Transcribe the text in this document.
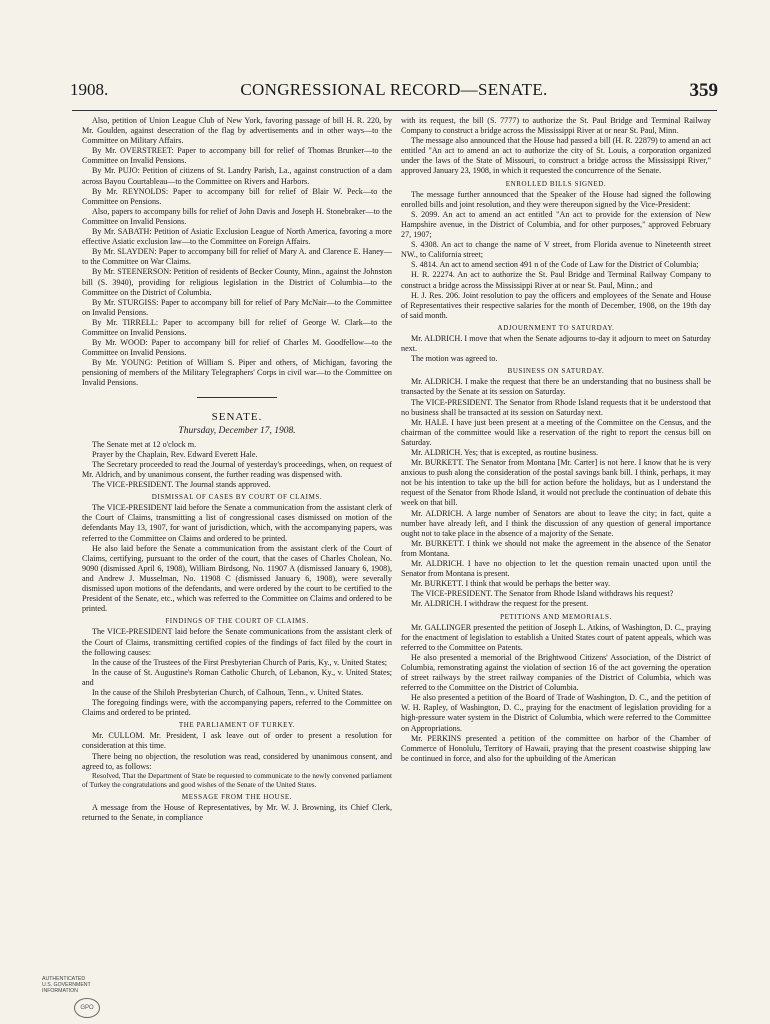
1908.	CONGRESSIONAL RECORD—SENATE.	359

Also, petition of Union League Club of New York, favoring passage of bill H. R. 220, by Mr. Goulden, against desecration of the flag by advertisements and in other ways—to the Committee on Military Affairs.

By Mr. OVERSTREET: Paper to accompany bill for relief of Thomas Brunker—to the Committee on Invalid Pensions.

By Mr. PUJO: Petition of citizens of St. Landry Parish, La., against construction of a dam across Bayou Courtableau—to the Committee on Rivers and Harbors.

By Mr. REYNOLDS: Paper to accompany bill for relief of Blair W. Peck—to the Committee on Pensions.

Also, papers to accompany bills for relief of John Davis and Joseph H. Stonebraker—to the Committee on Invalid Pensions.

By Mr. SABATH: Petition of Asiatic Exclusion League of North America, favoring a more effective Asiatic exclusion law—to the Committee on Foreign Affairs.

By Mr. SLAYDEN: Paper to accompany bill for relief of Mary A. and Clarence E. Haney—to the Committee on War Claims.

By Mr. STEENERSON: Petition of residents of Becker County, Minn., against the Johnston bill (S. 3940), providing for religious legislation in the District of Columbia—to the Committee on the District of Columbia.

By Mr. STURGISS: Paper to accompany bill for relief of Pary McNair—to the Committee on Invalid Pensions.

By Mr. TIRRELL: Paper to accompany bill for relief of George W. Clark—to the Committee on Invalid Pensions.

By Mr. WOOD: Paper to accompany bill for relief of Charles M. Goodfellow—to the Committee on Invalid Pensions.

By Mr. YOUNG: Petition of William S. Piper and others, of Michigan, favoring the pensioning of members of the Military Telegraphers' Corps in civil war—to the Committee on Invalid Pensions.

SENATE.

Thursday, December 17, 1908.

The Senate met at 12 o'clock m.

Prayer by the Chaplain, Rev. Edward Everett Hale.

The Secretary proceeded to read the Journal of yesterday's proceedings, when, on request of Mr. Aldrich, and by unanimous consent, the further reading was dispensed with.

The VICE-PRESIDENT. The Journal stands approved.

DISMISSAL OF CASES BY COURT OF CLAIMS.

The VICE-PRESIDENT laid before the Senate a communication from the assistant clerk of the Court of Claims, transmitting a list of congressional cases dismissed on motion of the defendants May 13, 1907, for want of jurisdiction, which, with the accompanying papers, was referred to the Committee on Claims and ordered to be printed.

He also laid before the Senate a communication from the assistant clerk of the Court of Claims, certifying, pursuant to the order of the court, that the cases of Charles Cholean, No. 9090 (dismissed April 6, 1908), William Birdsong, No. 11907 A (dismissed January 6, 1908), and Andrew J. Musselman, No. 11908 C (dismissed January 6, 1908), were severally dismissed upon motions of the defendants, and were ordered by the court to be certified to the President of the Senate, etc., which was referred to the Committee on Claims and ordered to be printed.

FINDINGS OF THE COURT OF CLAIMS.

The VICE-PRESIDENT laid before the Senate communications from the assistant clerk of the Court of Claims, transmitting certified copies of the findings of fact filed by the court in the following causes:

In the cause of the Trustees of the First Presbyterian Church of Paris, Ky., v. United States;

In the cause of St. Augustine's Roman Catholic Church, of Lebanon, Ky., v. United States; and

In the cause of the Shiloh Presbyterian Church, of Calhoun, Tenn., v. United States.

The foregoing findings were, with the accompanying papers, referred to the Committee on Claims and ordered to be printed.

THE PARLIAMENT OF TURKEY.

Mr. CULLOM. Mr. President, I ask leave out of order to present a resolution for consideration at this time.

There being no objection, the resolution was read, considered by unanimous consent, and agreed to, as follows:

Resolved, That the Department of State be requested to communicate to the newly convened parliament of Turkey the congratulations and good wishes of the Senate of the United States.

MESSAGE FROM THE HOUSE.

A message from the House of Representatives, by Mr. W. J. Browning, its Chief Clerk, returned to the Senate, in compliance

with its request, the bill (S. 7777) to authorize the St. Paul Bridge and Terminal Railway Company to construct a bridge across the Mississippi River at or near St. Paul, Minn.

The message also announced that the House had passed a bill (H. R. 22879) to amend an act entitled "An act to amend an act to authorize the city of St. Louis, a corporation organized under the laws of the State of Missouri, to construct a bridge across the Mississippi River," approved January 23, 1908, in which it requested the concurrence of the Senate.

ENROLLED BILLS SIGNED.

The message further announced that the Speaker of the House had signed the following enrolled bills and joint resolution, and they were thereupon signed by the Vice-President:

S. 2099. An act to amend an act entitled "An act to provide for the extension of New Hampshire avenue, in the District of Columbia, and for other purposes," approved February 27, 1907;

S. 4308. An act to change the name of V street, from Florida avenue to Nineteenth street NW., to California street;

S. 4814. An act to amend section 491 n of the Code of Law for the District of Columbia;

H. R. 22274. An act to authorize the St. Paul Bridge and Terminal Railway Company to construct a bridge across the Mississippi River at or near St. Paul, Minn.; and

H. J. Res. 206. Joint resolution to pay the officers and employees of the Senate and House of Representatives their respective salaries for the month of December, 1908, on the 19th day of said month.

ADJOURNMENT TO SATURDAY.

Mr. ALDRICH. I move that when the Senate adjourns to-day it adjourn to meet on Saturday next.

The motion was agreed to.

BUSINESS ON SATURDAY.

Mr. ALDRICH. I make the request that there be an understanding that no business shall be transacted by the Senate at its session on Saturday.

The VICE-PRESIDENT. The Senator from Rhode Island requests that it be understood that no business shall be transacted at its session on Saturday next.

Mr. HALE. I have just been present at a meeting of the Committee on the Census, and the chairman of the committee would like a reservation of the right to report the census bill on Saturday.

Mr. ALDRICH. Yes; that is excepted, as routine business.

Mr. BURKETT. The Senator from Montana [Mr. Carter] is not here. I know that he is very anxious to push along the consideration of the postal savings bank bill. I think, perhaps, it may not be his intention to take up the bill for action before the holidays, but as I understand the request of the Senator from Rhode Island, it would not preclude the continuation of debate this week on that bill.

Mr. ALDRICH. A large number of Senators are about to leave the city; in fact, quite a number have already left, and I think the discussion of any question of general importance ought not to take place in the absence of a majority of the Senate.

Mr. BURKETT. I think we should not make the agreement in the absence of the Senator from Montana.

Mr. ALDRICH. I have no objection to let the question remain unacted upon until the Senator from Montana is present.

Mr. BURKETT. I think that would be perhaps the better way.

The VICE-PRESIDENT. The Senator from Rhode Island withdraws his request?

Mr. ALDRICH. I withdraw the request for the present.

PETITIONS AND MEMORIALS.

Mr. GALLINGER presented the petition of Joseph L. Atkins, of Washington, D. C., praying for the enactment of legislation to establish a United States court of patent appeals, which was referred to the Committee on Patents.

He also presented a memorial of the Brightwood Citizens' Association, of the District of Columbia, remonstrating against the violation of section 16 of the act governing the operation of street railways by the street railway companies of the District of Columbia, which was referred to the Committee on the District of Columbia.

He also presented a petition of the Board of Trade of Washington, D. C., and the petition of W. H. Rapley, of Washington, D. C., praying for the enactment of legislation providing for a high-pressure water system in the District of Columbia, which were referred to the Committee on Appropriations.

Mr. PERKINS presented a petition of the committee on harbor of the Chamber of Commerce of Honolulu, Territory of Hawaii, praying that the present coastwise shipping law be continued in force, and also for the upbuilding of the American

AUTHENTICATED
U.S. GOVERNMENT
INFORMATION
GPO
